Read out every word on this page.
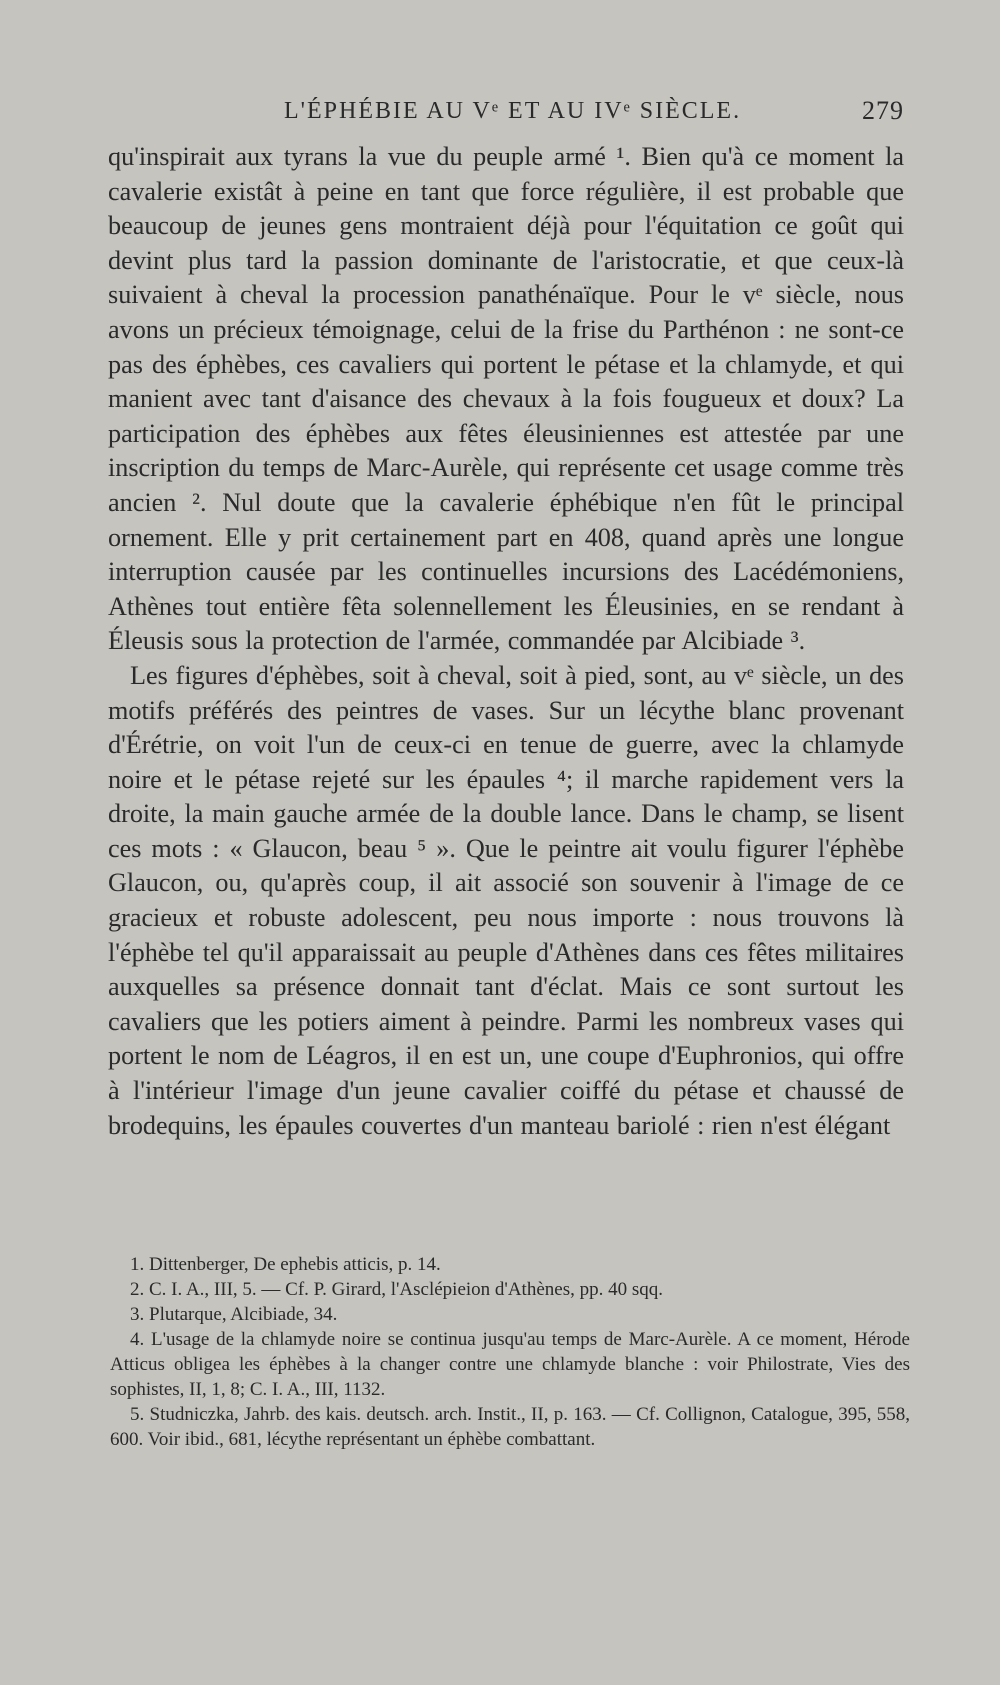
L'ÉPHÉBIE AU Vᵉ ET AU IVᵉ SIÈCLE.	279

qu'inspirait aux tyrans la vue du peuple armé ¹. Bien qu'à ce moment la cavalerie existât à peine en tant que force régulière, il est probable que beaucoup de jeunes gens montraient déjà pour l'équitation ce goût qui devint plus tard la passion dominante de l'aristocratie, et que ceux-là suivaient à cheval la procession panathénaïque. Pour le vᵉ siècle, nous avons un précieux témoignage, celui de la frise du Parthénon : ne sont-ce pas des éphèbes, ces cavaliers qui portent le pétase et la chlamyde, et qui manient avec tant d'aisance des chevaux à la fois fougueux et doux? La participation des éphèbes aux fêtes éleusiniennes est attestée par une inscription du temps de Marc-Aurèle, qui représente cet usage comme très ancien ². Nul doute que la cavalerie éphébique n'en fût le principal ornement. Elle y prit certainement part en 408, quand après une longue interruption causée par les continuelles incursions des Lacédémoniens, Athènes tout entière fêta solennellement les Éleusinies, en se rendant à Éleusis sous la protection de l'armée, commandée par Alcibiade ³.

Les figures d'éphèbes, soit à cheval, soit à pied, sont, au vᵉ siècle, un des motifs préférés des peintres de vases. Sur un lécythe blanc provenant d'Érétrie, on voit l'un de ceux-ci en tenue de guerre, avec la chlamyde noire et le pétase rejeté sur les épaules ⁴; il marche rapidement vers la droite, la main gauche armée de la double lance. Dans le champ, se lisent ces mots : « Glaucon, beau ⁵ ». Que le peintre ait voulu figurer l'éphèbe Glaucon, ou, qu'après coup, il ait associé son souvenir à l'image de ce gracieux et robuste adolescent, peu nous importe : nous trouvons là l'éphèbe tel qu'il apparaissait au peuple d'Athènes dans ces fêtes militaires auxquelles sa présence donnait tant d'éclat. Mais ce sont surtout les cavaliers que les potiers aiment à peindre. Parmi les nombreux vases qui portent le nom de Léagros, il en est un, une coupe d'Euphronios, qui offre à l'intérieur l'image d'un jeune cavalier coiffé du pétase et chaussé de brodequins, les épaules couvertes d'un manteau bariolé : rien n'est élégant

1. Dittenberger, De ephebis atticis, p. 14.

2. C. I. A., III, 5. — Cf. P. Girard, l'Asclépieion d'Athènes, pp. 40 sqq.

3. Plutarque, Alcibiade, 34.

4. L'usage de la chlamyde noire se continua jusqu'au temps de Marc-Aurèle. A ce moment, Hérode Atticus obligea les éphèbes à la changer contre une chlamyde blanche : voir Philostrate, Vies des sophistes, II, 1, 8; C. I. A., III, 1132.

5. Studniczka, Jahrb. des kais. deutsch. arch. Instit., II, p. 163. — Cf. Collignon, Catalogue, 395, 558, 600. Voir ibid., 681, lécythe représentant un éphèbe combattant.
